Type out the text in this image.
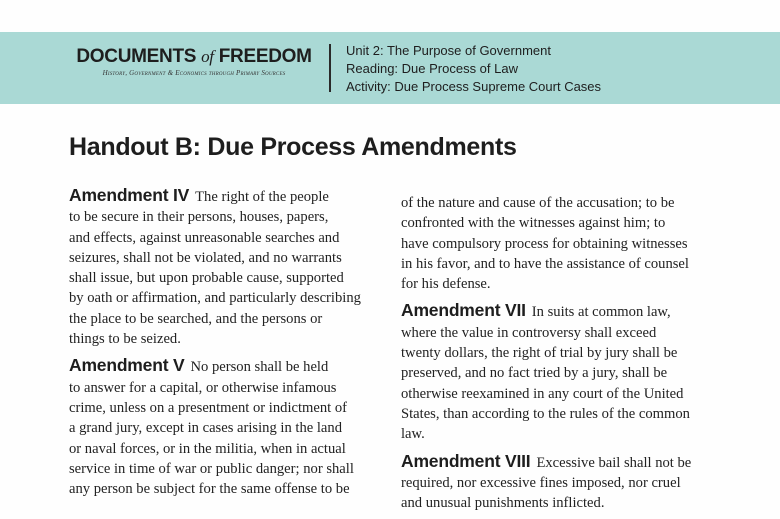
DOCUMENTS of FREEDOM
History, Government & Economics through Primary Sources
Unit 2: The Purpose of Government
Reading: Due Process of Law
Activity: Due Process Supreme Court Cases
Handout B: Due Process Amendments
Amendment IV The right of the people
to be secure in their persons, houses, papers,
and effects, against unreasonable searches and
seizures, shall not be violated, and no warrants
shall issue, but upon probable cause, supported
by oath or affirmation, and particularly describing
the place to be searched, and the persons or
things to be seized.
Amendment V No person shall be held
to answer for a capital, or otherwise infamous
crime, unless on a presentment or indictment of
a grand jury, except in cases arising in the land
or naval forces, or in the militia, when in actual
service in time of war or public danger; nor shall
any person be subject for the same offense to be
of the nature and cause of the accusation; to be
confronted with the witnesses against him; to
have compulsory process for obtaining witnesses
in his favor, and to have the assistance of counsel
for his defense.
Amendment VII In suits at common law,
where the value in controversy shall exceed
twenty dollars, the right of trial by jury shall be
preserved, and no fact tried by a jury, shall be
otherwise reexamined in any court of the United
States, than according to the rules of the common
law.
Amendment VIII Excessive bail shall not be
required, nor excessive fines imposed, nor cruel
and unusual punishments inflicted.
